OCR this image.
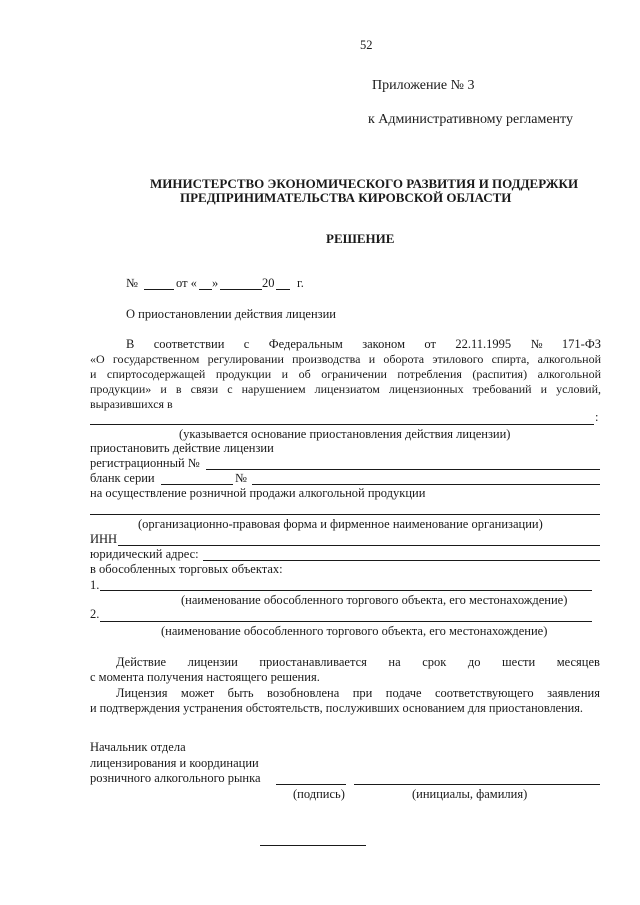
52
Приложение № 3
к Административному регламенту
МИНИСТЕРСТВО ЭКОНОМИЧЕСКОГО РАЗВИТИЯ И ПОДДЕРЖКИ
ПРЕДПРИНИМАТЕЛЬСТВА КИРОВСКОЙ ОБЛАСТИ
РЕШЕНИЕ
№	от « »	20 г.
О приостановлении действия лицензии
В соответствии с Федеральным законом от 22.11.1995 № 171-ФЗ
«О государственном регулировании производства и оборота этилового спирта, алкогольной
и спиртосодержащей продукции и об ограничении потребления (распития) алкогольной
продукции» и в связи с нарушением лицензиатом лицензионных требований и условий,
выразившихся в
:
(указывается основание приостановления действия лицензии)
приостановить действие лицензии
регистрационный №
бланк серии	№
на осуществление розничной продажи алкогольной продукции
(организационно-правовая форма и фирменное наименование организации)
ИНН
юридический адрес:
в обособленных торговых объектах:
1.
(наименование обособленного торгового объекта, его местонахождение)
2.
(наименование обособленного торгового объекта, его местонахождение)
Действие лицензии приостанавливается на срок до шести месяцев
с момента получения настоящего решения.
Лицензия может быть возобновлена при подаче соответствующего заявления
и подтверждения устранения обстоятельств, послуживших основанием для приостановления.
Начальник отдела
лицензирования и координации
розничного алкогольного рынка
(подпись)	(инициалы, фамилия)
